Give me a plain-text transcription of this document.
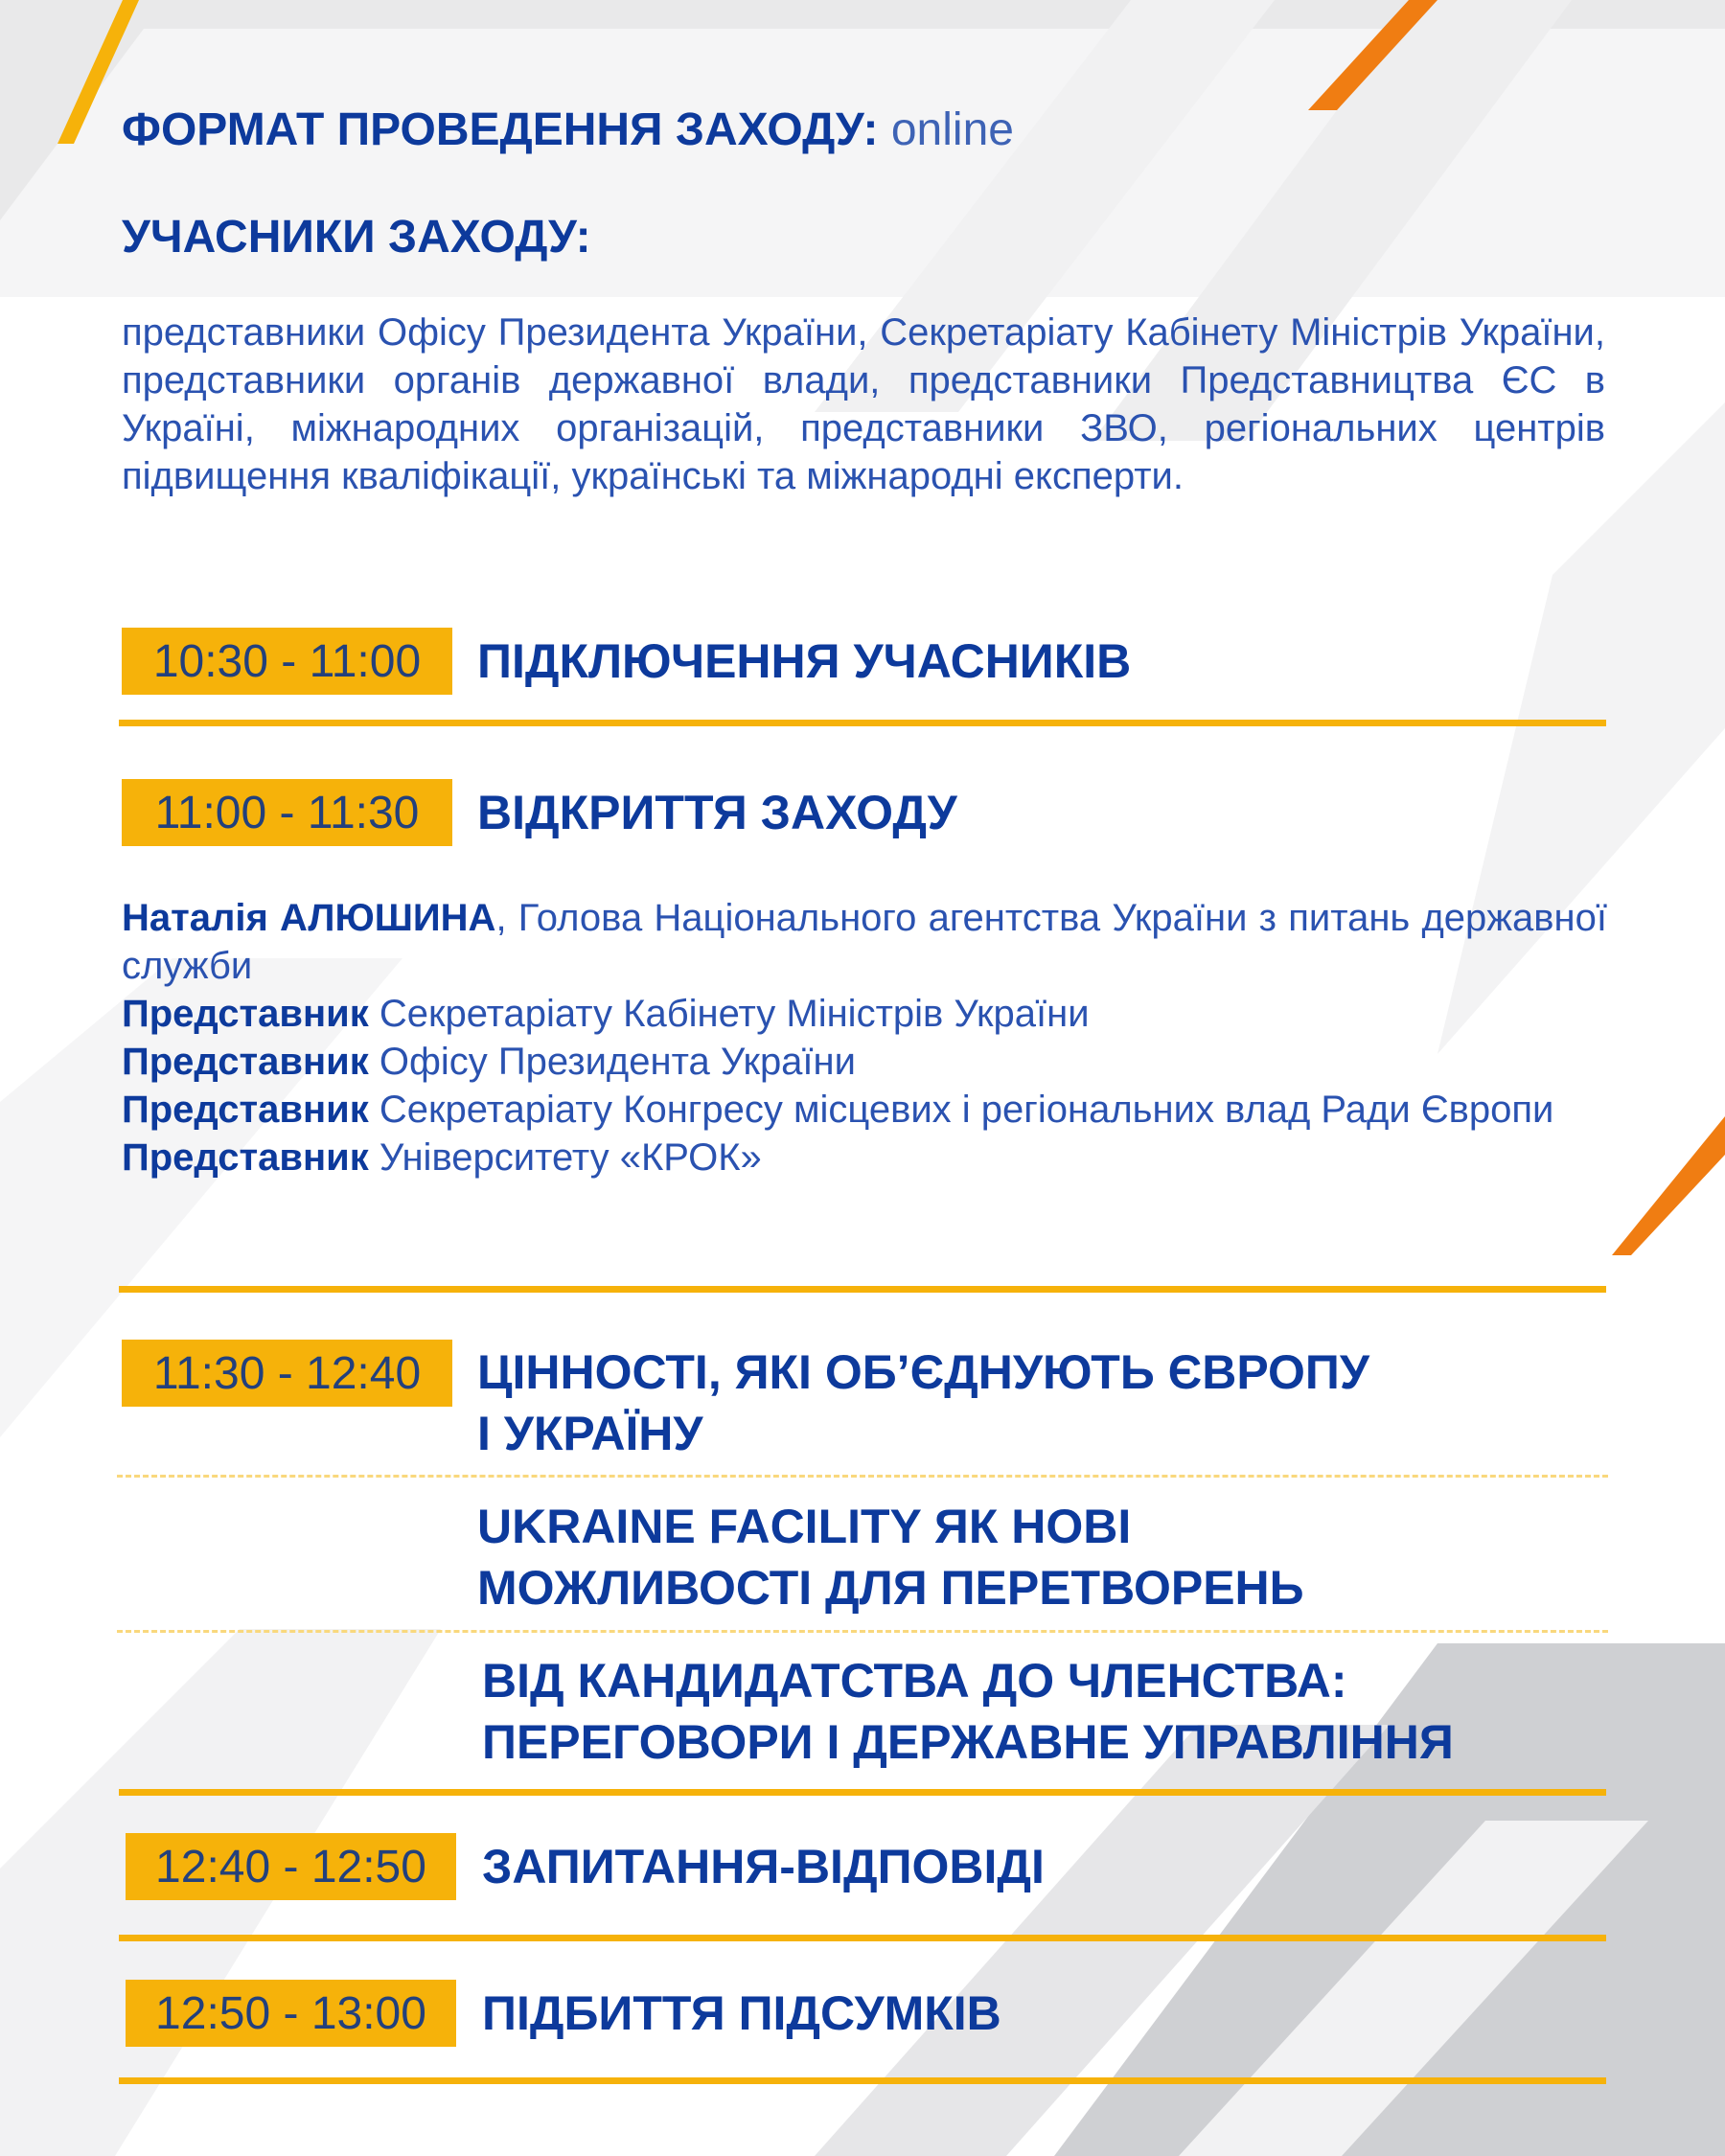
ФОРМАТ ПРОВЕДЕННЯ ЗАХОДУ: online
УЧАСНИКИ ЗАХОДУ:
представники Офісу Президента України, Секретаріату Кабінету Міністрів України, представники органів державної влади, представники Представництва ЄС в Україні, міжнародних організацій, представники ЗВО, регіональних центрів підвищення кваліфікації, українські та міжнародні експерти.
10:30 - 11:00	ПІДКЛЮЧЕННЯ УЧАСНИКІВ
11:00 - 11:30	ВІДКРИТТЯ ЗАХОДУ
Наталія АЛЮШИНА, Голова Національного агентства України з питань державної служби
Представник Секретаріату Кабінету Міністрів України
Представник Офісу Президента України
Представник Секретаріату Конгресу місцевих і регіональних влад Ради Європи
Представник Університету «КРОК»
11:30 - 12:40	ЦІННОСТІ, ЯКІ ОБ’ЄДНУЮТЬ ЄВРОПУ
І УКРАЇНУ
UKRAINE FACILITY ЯК НОВІ
МОЖЛИВОСТІ ДЛЯ ПЕРЕТВОРЕНЬ
ВІД КАНДИДАТСТВА ДО ЧЛЕНСТВА:
ПЕРЕГОВОРИ І ДЕРЖАВНЕ УПРАВЛІННЯ
12:40 - 12:50	ЗАПИТАННЯ-ВІДПОВІДІ
12:50 - 13:00	ПІДБИТТЯ ПІДСУМКІВ
